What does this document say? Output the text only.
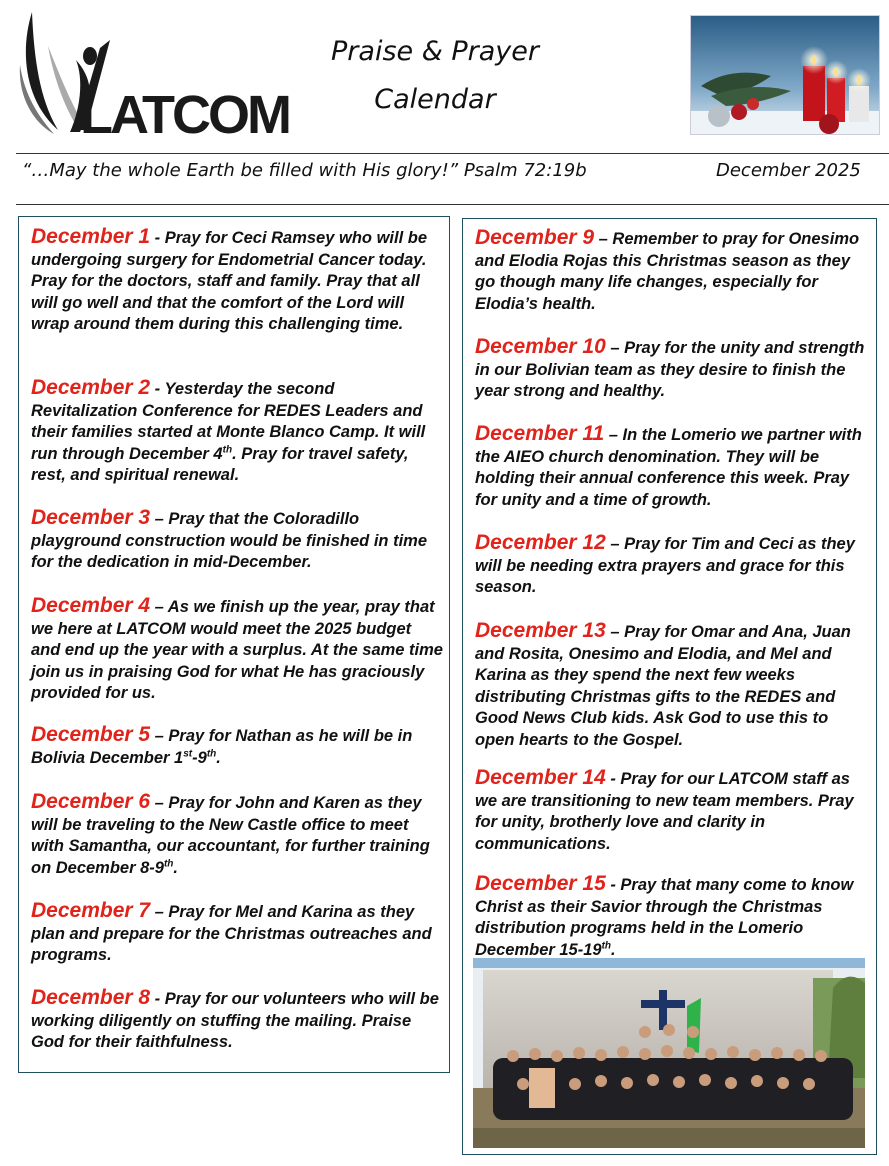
LATCOM
Praise & Prayer
Calendar
“…May the whole Earth be filled with His glory!” Psalm 72:19b	December 2025
December 1 - Pray for Ceci Ramsey who will be undergoing surgery for Endometrial Cancer today. Pray for the doctors, staff and family. Pray that all will go well and that the comfort of the Lord will wrap around them during this challenging time.
December 2 - Yesterday the second Revitalization Conference for REDES Leaders and their families started at Monte Blanco Camp. It will run through December 4th. Pray for travel safety, rest, and spiritual renewal.
December 3 – Pray that the Coloradillo playground construction would be finished in time for the dedication in mid-December.
December 4 – As we finish up the year, pray that we here at LATCOM would meet the 2025 budget and end up the year with a surplus. At the same time join us in praising God for what He has graciously provided for us.
December 5 – Pray for Nathan as he will be in Bolivia December 1st-9th.
December 6 – Pray for John and Karen as they will be traveling to the New Castle office to meet with Samantha, our accountant, for further training on December 8-9th.
December 7 – Pray for Mel and Karina as they plan and prepare for the Christmas outreaches and programs.
December 8 - Pray for our volunteers who will be working diligently on stuffing the mailing. Praise God for their faithfulness.
December 9 – Remember to pray for Onesimo and Elodia Rojas this Christmas season as they go though many life changes, especially for Elodia’s health.
December 10 – Pray for the unity and strength in our Bolivian team as they desire to finish the year strong and healthy.
December 11 – In the Lomerio we partner with the AIEO church denomination. They will be holding their annual conference this week. Pray for unity and a time of growth.
December 12 – Pray for Tim and Ceci as they will be needing extra prayers and grace for this season.
December 13 – Pray for Omar and Ana, Juan and Rosita, Onesimo and Elodia, and Mel and Karina as they spend the next few weeks distributing Christmas gifts to the REDES and Good News Club kids. Ask God to use this to open hearts to the Gospel.
December 14 - Pray for our LATCOM staff as we are transitioning to new team members. Pray for unity, brotherly love and clarity in communications.
December 15 - Pray that many come to know Christ as their Savior through the Christmas distribution programs held in the Lomerio December 15-19th.
